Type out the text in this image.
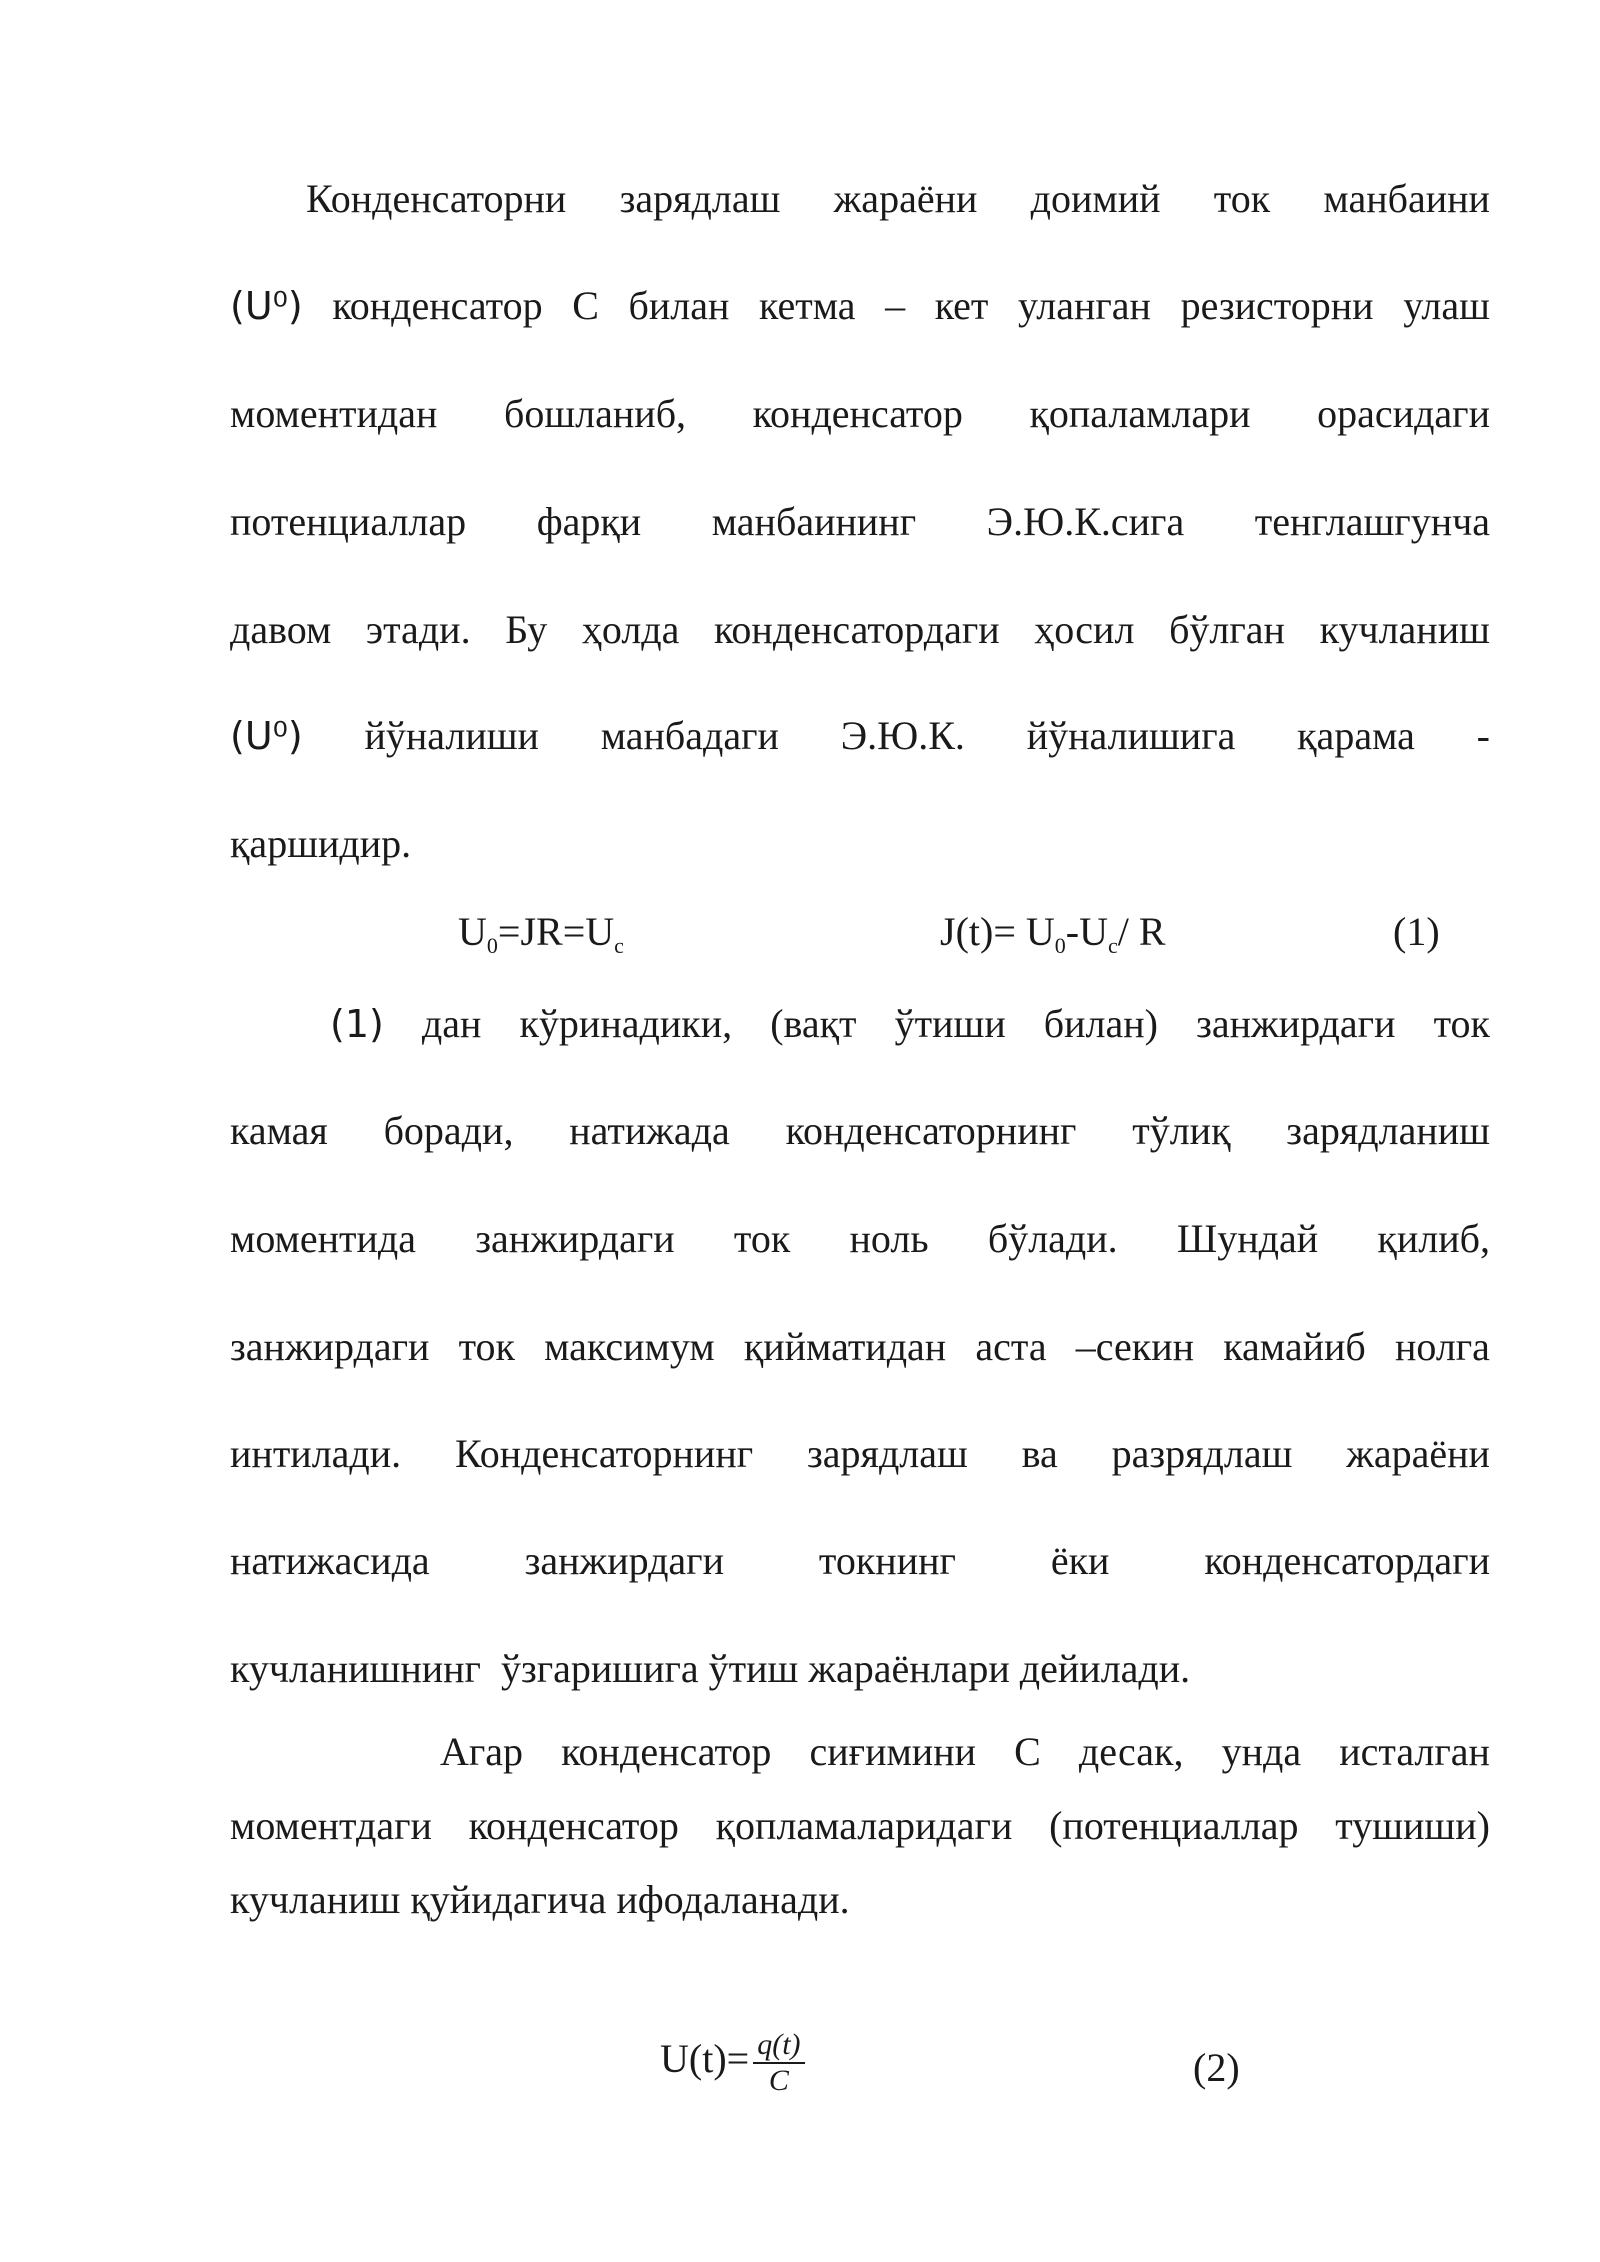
Конденсаторни зарядлаш жараёни доимий ток манбаини
(U⁰) конденсатор С билан кетма – кет уланган резисторни улаш
моментидан бошланиб, конденсатор қопаламлари орасидаги
потенциаллар фарқи манбаининг Э.Ю.К.сига тенглашгунча
давом этади. Бу ҳолда конденсатордаги ҳосил бўлган кучланиш
(U⁰) йўналиши манбадаги Э.Ю.К. йўналишига қарама -
қаршидир.
$U_0=JR=U_c$	$J(t)= U_0-U_c/$ R	(1)
(1) дан кўринадики, (вақт ўтиши билан) занжирдаги ток
камая боради, натижада конденсаторнинг тўлиқ зарядланиш
моментида занжирдаги ток ноль бўлади. Шундай қилиб,
занжирдаги ток максимум қийматидан аста –секин камайиб нолга
интилади. Конденсаторнинг зарядлаш ва разрядлаш жараёни
натижасида занжирдаги токнинг ёки конденсатордаги
кучланишнинг  ўзгаришига ўтиш жараёнлари дейилади.
Агар конденсатор сиғимини С десак, унда исталган
моментдаги конденсатор қопламаларидаги (потенциаллар тушиши)
кучланиш қуйидагича ифодаланади.
$U(t)= \frac{q(t)}{C}$	(2)
